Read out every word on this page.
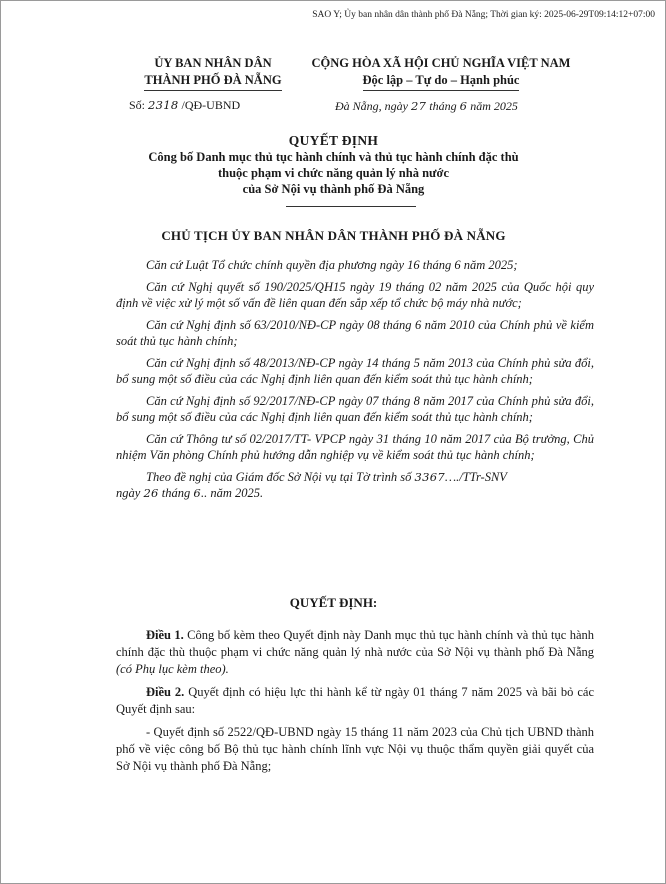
SAO Y; Ủy ban nhân dân thành phố Đà Nẵng; Thời gian ký: 2025-06-29T09:14:12+07:00
ỦY BAN NHÂN DÂN
THÀNH PHỐ ĐÀ NẴNG
CỘNG HÒA XÃ HỘI CHỦ NGHĨA VIỆT NAM
Độc lập – Tự do – Hạnh phúc
Số: 2318 /QĐ-UBND	Đà Nẵng, ngày 27 tháng 6 năm 2025
QUYẾT ĐỊNH
Công bố Danh mục thủ tục hành chính và thủ tục hành chính đặc thù
thuộc phạm vi chức năng quản lý nhà nước
của Sở Nội vụ thành phố Đà Nẵng
CHỦ TỊCH ỦY BAN NHÂN DÂN THÀNH PHỐ ĐÀ NẴNG

Căn cứ Luật Tổ chức chính quyền địa phương ngày 16 tháng 6 năm 2025;

Căn cứ Nghị quyết số 190/2025/QH15 ngày 19 tháng 02 năm 2025 của Quốc hội quy định về việc xử lý một số vấn đề liên quan đến sắp xếp tổ chức bộ máy nhà nước;

Căn cứ Nghị định số 63/2010/NĐ-CP ngày 08 tháng 6 năm 2010 của Chính phủ về kiểm soát thủ tục hành chính;

Căn cứ Nghị định số 48/2013/NĐ-CP ngày 14 tháng 5 năm 2013 của Chính phủ sửa đổi, bổ sung một số điều của các Nghị định liên quan đến kiểm soát thủ tục hành chính;

Căn cứ Nghị định số 92/2017/NĐ-CP ngày 07 tháng 8 năm 2017 của Chính phủ sửa đổi, bổ sung một số điều của các Nghị định liên quan đến kiểm soát thủ tục hành chính;

Căn cứ Thông tư số 02/2017/TT- VPCP ngày 31 tháng 10 năm 2017 của Bộ trưởng, Chủ nhiệm Văn phòng Chính phủ hướng dẫn nghiệp vụ về kiểm soát thủ tục hành chính;

Theo đề nghị của Giám đốc Sở Nội vụ tại Tờ trình số 3367…./TTr-SNV
ngày 26 tháng 6.. năm 2025.

QUYẾT ĐỊNH:

Điều 1. Công bố kèm theo Quyết định này Danh mục thủ tục hành chính và thủ tục hành chính đặc thù thuộc phạm vi chức năng quản lý nhà nước của Sở Nội vụ thành phố Đà Nẵng (có Phụ lục kèm theo).

Điều 2. Quyết định có hiệu lực thi hành kể từ ngày 01 tháng 7 năm 2025 và bãi bỏ các Quyết định sau:

- Quyết định số 2522/QĐ-UBND ngày 15 tháng 11 năm 2023 của Chủ tịch UBND thành phố về việc công bố Bộ thủ tục hành chính lĩnh vực Nội vụ thuộc thẩm quyền giải quyết của Sở Nội vụ thành phố Đà Nẵng;
